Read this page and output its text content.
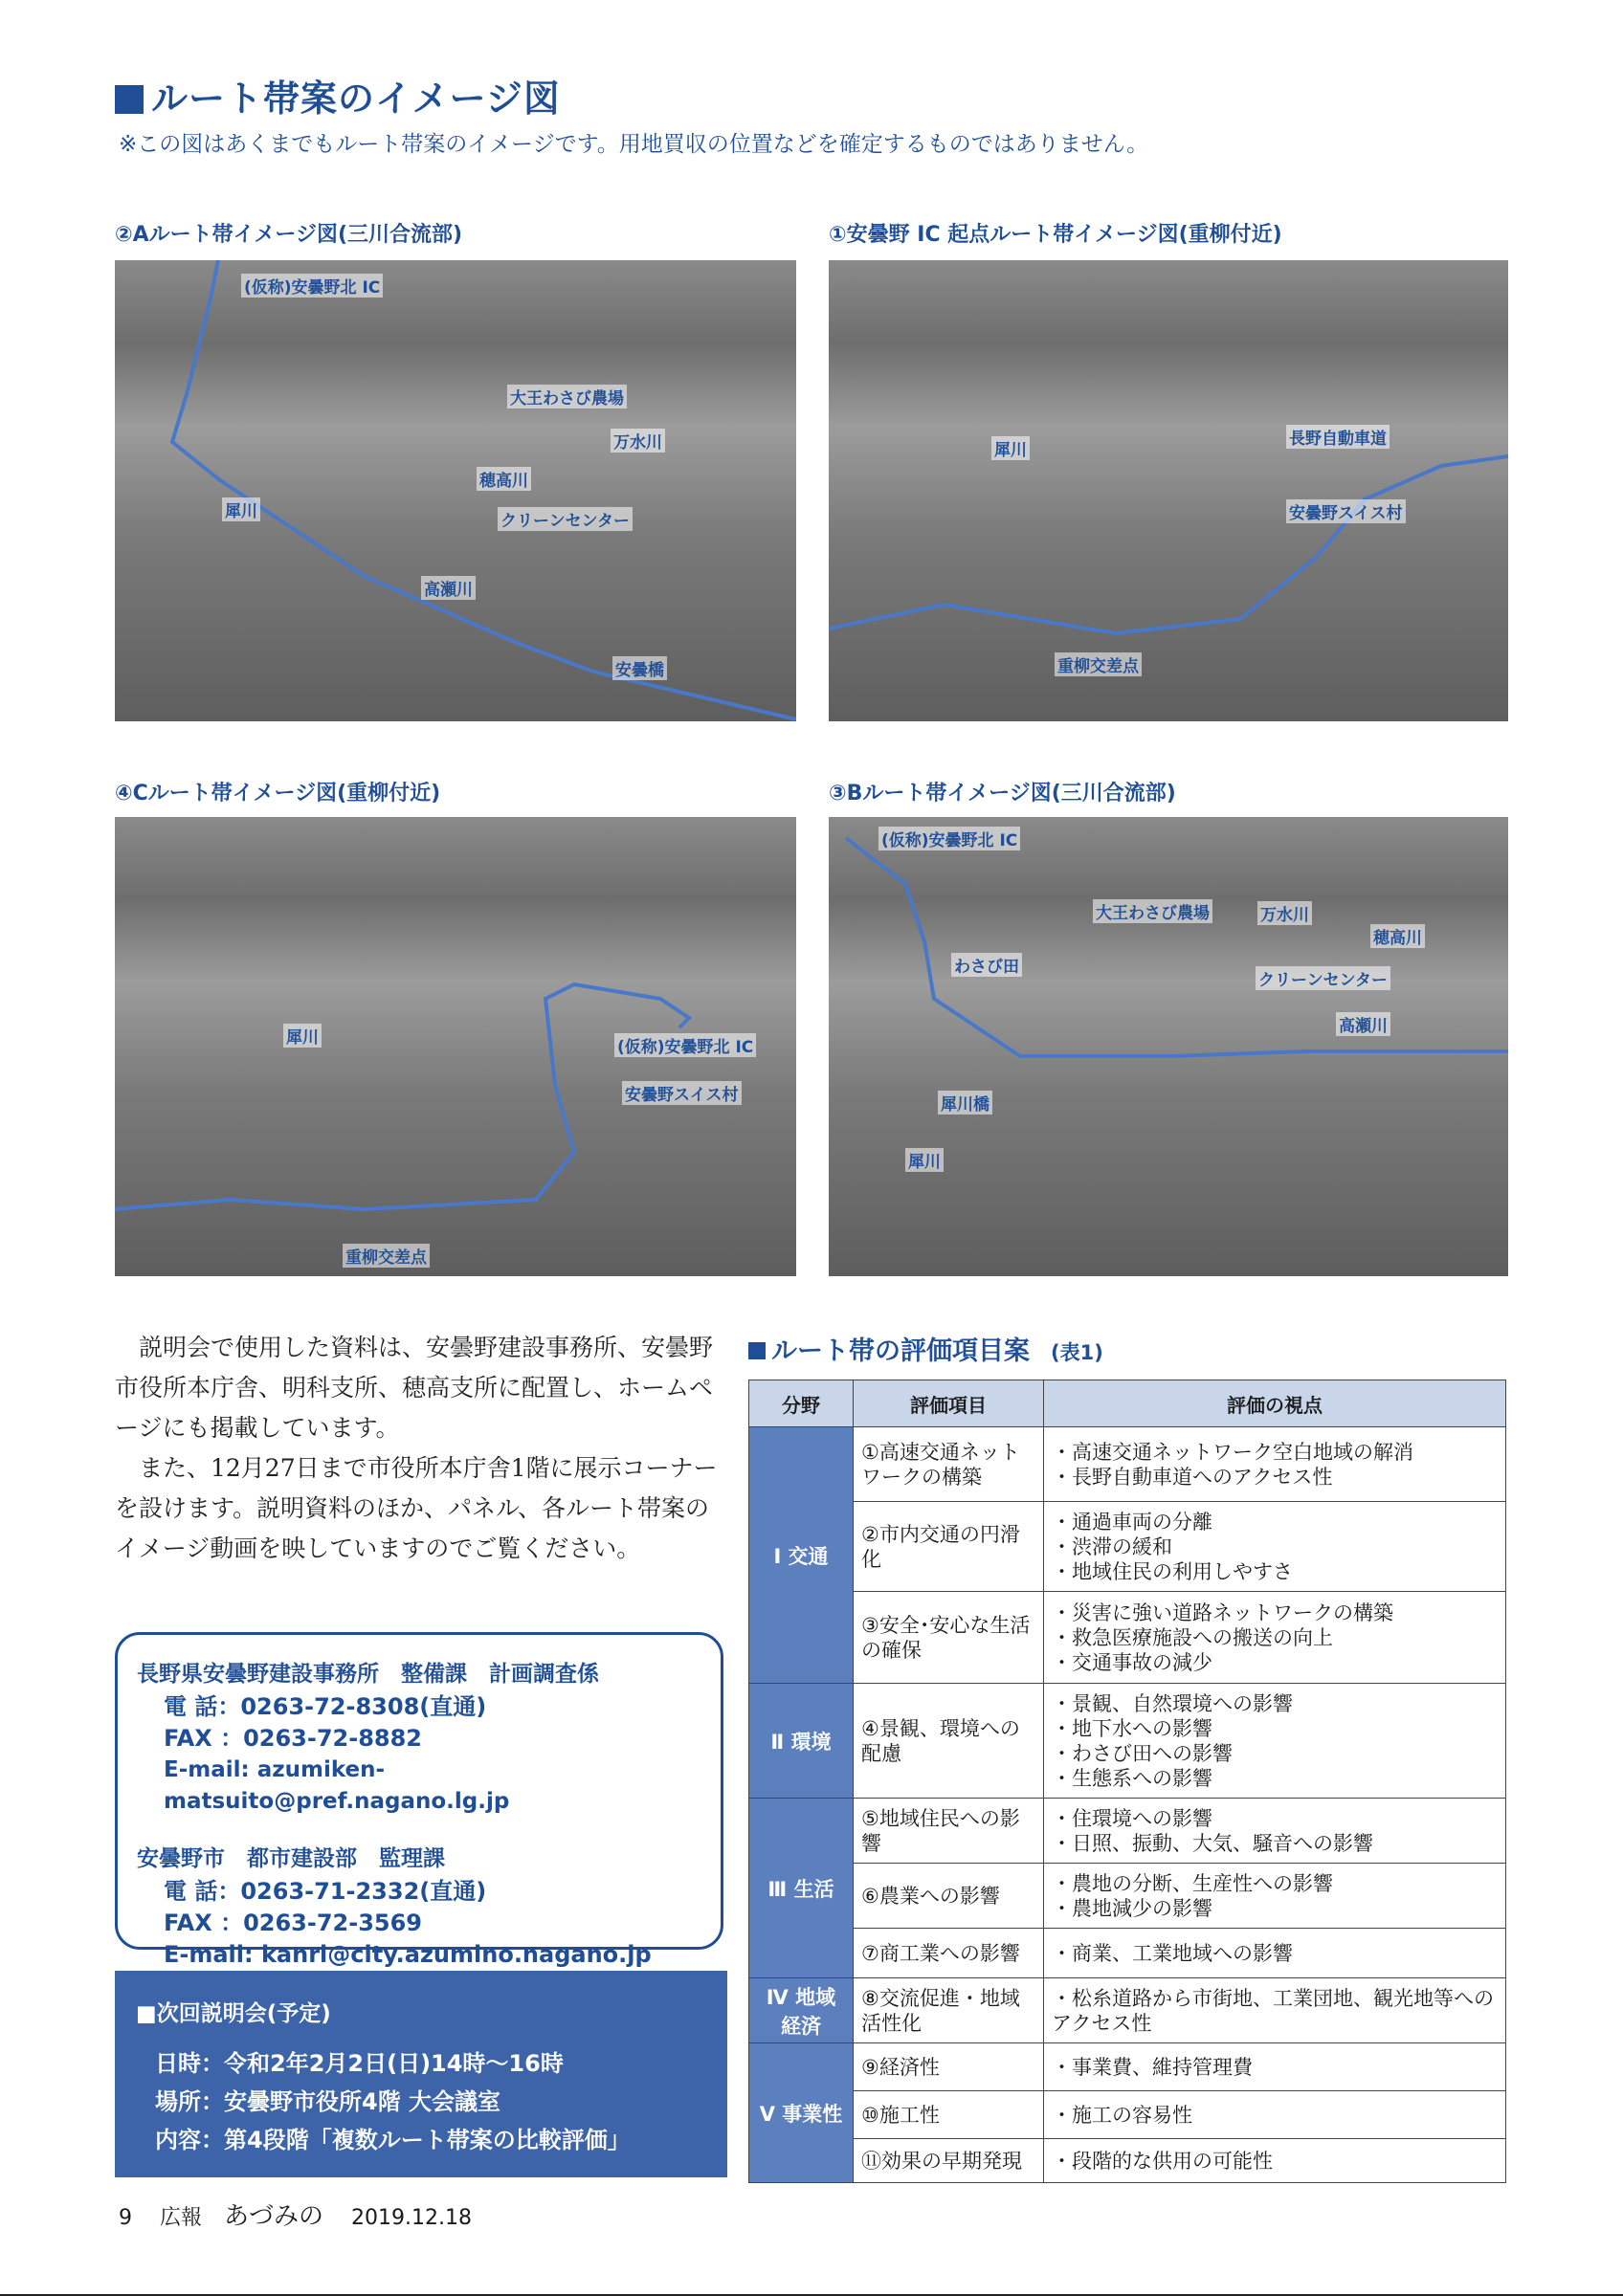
ルート帯案のイメージ図
※この図はあくまでもルート帯案のイメージです。用地買収の位置などを確定するものではありません。
②Aルート帯イメージ図(三川合流部)
(仮称)安曇野北 IC
大王わさび農場
万水川
穂高川
犀川	クリーンセンター
高瀬川
安曇橋
①安曇野 IC 起点ルート帯イメージ図(重柳付近)
犀川
長野自動車道
安曇野スイス村
重柳交差点
④Cルート帯イメージ図(重柳付近)
犀川	(仮称)安曇野北 IC
安曇野スイス村
重柳交差点
③Bルート帯イメージ図(三川合流部)
(仮称)安曇野北 IC
大王わさび農場	万水川
穂高川
わさび田
クリーンセンター
高瀬川
犀川橋
犀川

説明会で使用した資料は、安曇野建設事務所、安曇野市役所本庁舎、明科支所、穂高支所に配置し、ホームページにも掲載しています。

また、12月27日まで市役所本庁舎1階に展示コーナーを設けます。説明資料のほか、パネル、各ルート帯案のイメージ動画を映していますのでご覧ください。

長野県安曇野建設事務所　整備課　計画調査係
電 話：0263-72-8308(直通)
FAX ：0263-72-8882
E-mail: azumiken-matsuito@pref.nagano.lg.jp
安曇野市　都市建設部　監理課
電 話：0263-71-2332(直通)
FAX ：0263-72-3569
E-mail: kanri@city.azumino.nagano.jp
■次回説明会(予定)
日時：令和2年2月2日(日)14時～16時
場所：安曇野市役所4階 大会議室
内容：第4段階「複数ルート帯案の比較評価」
ルート帯の評価項目案 (表1)
分野	評価項目	評価の視点
Ⅰ 交通	①高速交通ネットワークの構築	・高速交通ネットワーク空白地域の解消
・長野自動車道へのアクセス性

	②市内交通の円滑化	・通過車両の分離
・渋滞の緩和
・地域住民の利用しやすさ

	③安全･安心な生活の確保	・災害に強い道路ネットワークの構築
・救急医療施設への搬送の向上
・交通事故の減少

Ⅱ 環境	④景観、環境への配慮	・景観、自然環境への影響
・地下水への影響
・わさび田への影響
・生態系への影響

Ⅲ 生活	⑤地域住民への影響	・住環境への影響
・日照、振動、大気、騒音への影響

	⑥農業への影響	・農地の分断、生産性への影響
・農地減少の影響

	⑦商工業への影響	・商業、工業地域への影響

Ⅳ 地域経済	⑧交流促進・地域活性化	・松糸道路から市街地、工業団地、観光地等へのアクセス性

Ⅴ 事業性	⑨経済性	・事業費、維持管理費

	⑩施工性	・施工の容易性

	⑪効果の早期発現	・段階的な供用の可能性
9 広報 あづみの 2019.12.18
